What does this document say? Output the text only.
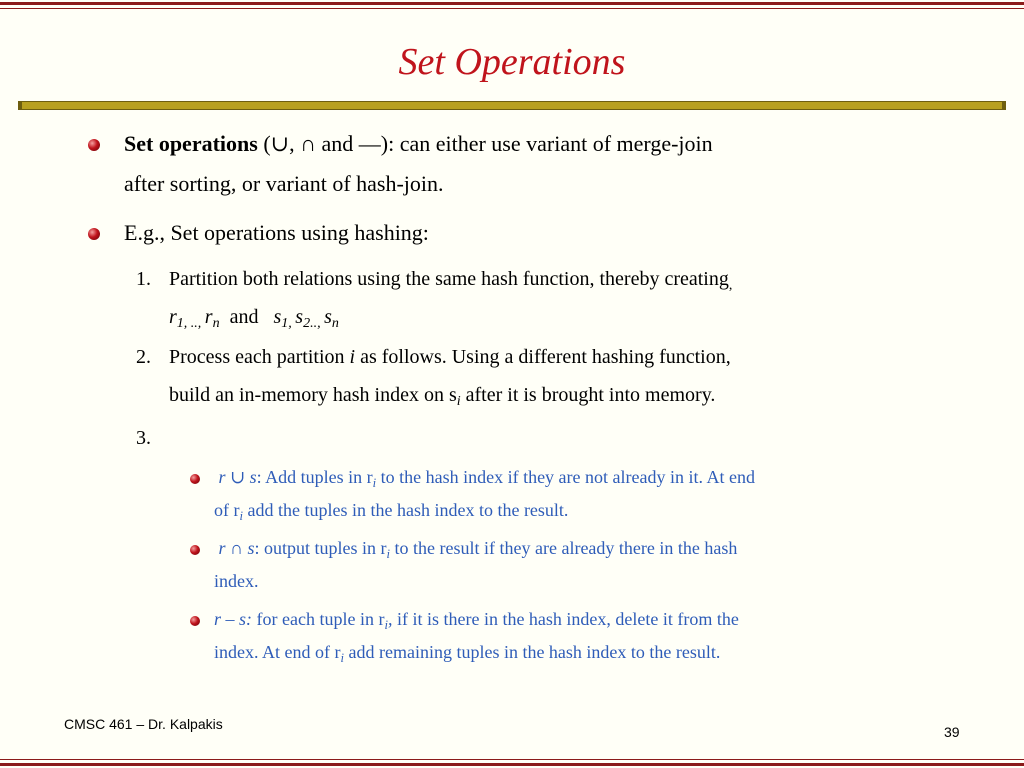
Set Operations
Set operations (∪, ∩ and —): can either use variant of merge-join
after sorting, or variant of hash-join.
E.g., Set operations using hashing:
1. Partition both relations using the same hash function, thereby creating$_,$
$r_{1, ..,}$ $r_n$ and $s_{1,}$ $s_{2..,}$ $s_n$
2. Process each partition i as follows. Using a different hashing function,
build an in-memory hash index on $s_i$ after it is brought into memory.
3.
r ∪ s: Add tuples in $r_i$ to the hash index if they are not already in it. At end
of $r_i$ add the tuples in the hash index to the result.
r ∩ s: output tuples in $r_i$ to the result if they are already there in the hash
index.
r – s: for each tuple in $r_i$, if it is there in the hash index, delete it from the
index. At end of $r_i$ add remaining tuples in the hash index to the result.
CMSC 461 – Dr. Kalpakis	39
